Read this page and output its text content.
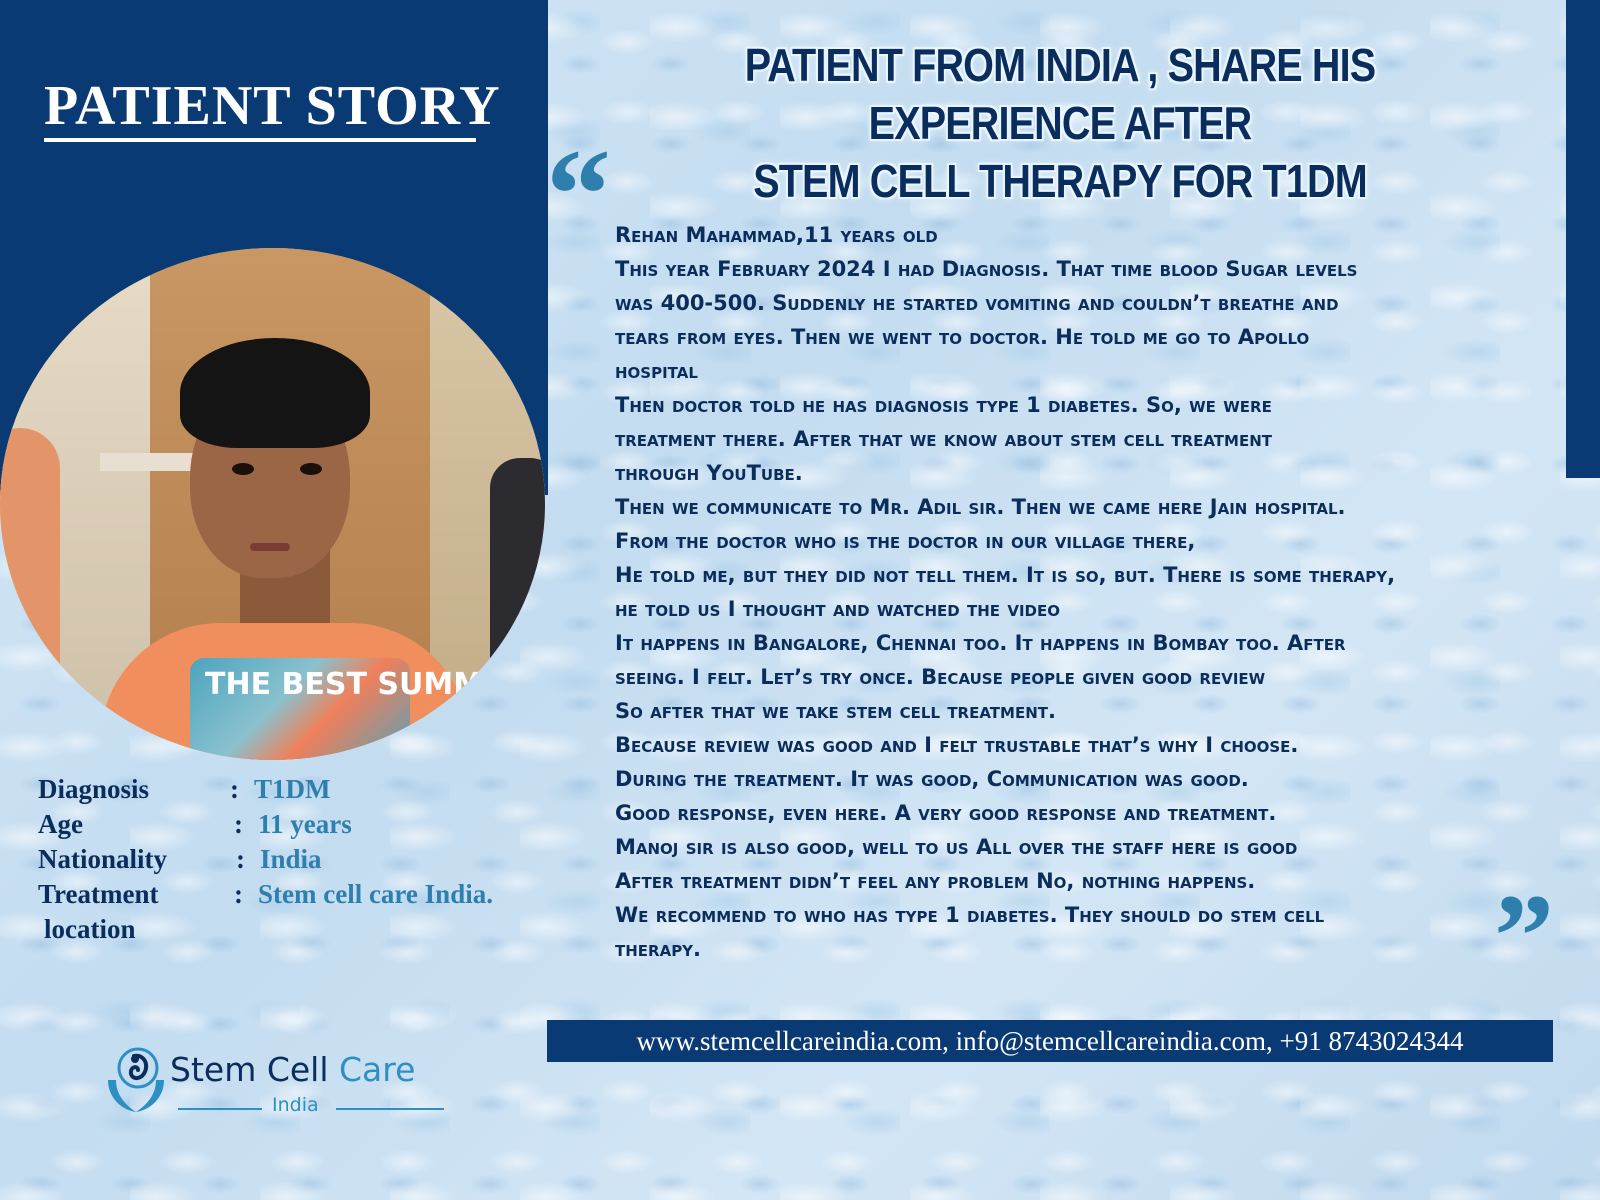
PATIENT STORY
PATIENT FROM INDIA , SHARE HIS EXPERIENCE AFTER
STEM CELL THERAPY FOR T1DM
“ Rehan Mahammad,11 years old
This year February 2024 I had Diagnosis. That time blood Sugar levels
was 400-500. Suddenly he started vomiting and couldn’t breathe and
tears from eyes. Then we went to doctor. He told me go to Apollo
hospital
Then doctor told he has diagnosis type 1 diabetes. So, we were
treatment there. After that we know about stem cell treatment
through YouTube.
Then we communicate to Mr. Adil sir. Then we came here Jain hospital.
From the doctor who is the doctor in our village there,
He told me, but they did not tell them. It is so, but. There is some therapy,
he told us I thought and watched the video
It happens in Bangalore, Chennai too. It happens in Bombay too. After
seeing. I felt. Let’s try once. Because people given good review
So after that we take stem cell treatment.
Because review was good and I felt trustable that’s why I choose.
During the treatment. It was good, Communication was good.
Good response, even here. A very good response and treatment.
Manoj sir is also good, well to us All over the staff here is good
After treatment didn’t feel any problem No, nothing happens.
We recommend to who has type 1 diabetes. They should do stem cell
therapy.	”
THE BEST SUMMER
Diagnosis	: T1DM
Age	: 11 years
Nationality	: India
Treatment	: Stem cell care India.
location
www.stemcellcareindia.com, info@stemcellcareindia.com, +91 8743024344
Stem Cell Care
India
